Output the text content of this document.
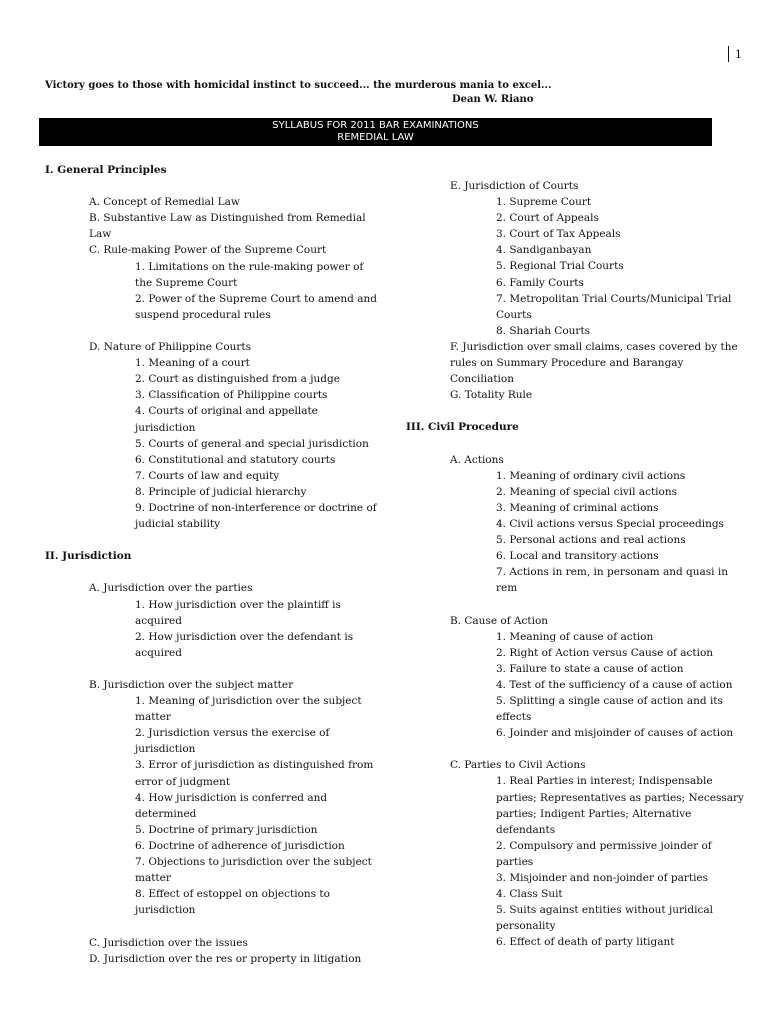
1
Victory goes to those with homicidal instinct to succeed... the murderous mania to excel...
Dean W. Riano
SYLLABUS FOR 2011 BAR EXAMINATIONS
REMEDIAL LAW
I. General Principles
A. Concept of Remedial Law
B. Substantive Law as Distinguished from Remedial
Law
C. Rule-making Power of the Supreme Court
1. Limitations on the rule-making power of
the Supreme Court
2. Power of the Supreme Court to amend and
suspend procedural rules
D. Nature of Philippine Courts
1. Meaning of a court
2. Court as distinguished from a judge
3. Classification of Philippine courts
4. Courts of original and appellate
jurisdiction
5. Courts of general and special jurisdiction
6. Constitutional and statutory courts
7. Courts of law and equity
8. Principle of judicial hierarchy
9. Doctrine of non-interference or doctrine of
judicial stability
II. Jurisdiction
A. Jurisdiction over the parties
1. How jurisdiction over the plaintiff is
acquired
2. How jurisdiction over the defendant is
acquired
B. Jurisdiction over the subject matter
1. Meaning of jurisdiction over the subject
matter
2. Jurisdiction versus the exercise of
jurisdiction
3. Error of jurisdiction as distinguished from
error of judgment
4. How jurisdiction is conferred and
determined
5. Doctrine of primary jurisdiction
6. Doctrine of adherence of jurisdiction
7. Objections to jurisdiction over the subject
matter
8. Effect of estoppel on objections to
jurisdiction
C. Jurisdiction over the issues
D. Jurisdiction over the res or property in litigation
E. Jurisdiction of Courts
1. Supreme Court
2. Court of Appeals
3. Court of Tax Appeals
4. Sandiganbayan
5. Regional Trial Courts
6. Family Courts
7. Metropolitan Trial Courts/Municipal Trial
Courts
8. Shariah Courts
F. Jurisdiction over small claims, cases covered by the
rules on Summary Procedure and Barangay
Conciliation
G. Totality Rule
III. Civil Procedure
A. Actions
1. Meaning of ordinary civil actions
2. Meaning of special civil actions
3. Meaning of criminal actions
4. Civil actions versus Special proceedings
5. Personal actions and real actions
6. Local and transitory actions
7. Actions in rem, in personam and quasi in
rem
B. Cause of Action
1. Meaning of cause of action
2. Right of Action versus Cause of action
3. Failure to state a cause of action
4. Test of the sufficiency of a cause of action
5. Splitting a single cause of action and its
effects
6. Joinder and misjoinder of causes of action
C. Parties to Civil Actions
1. Real Parties in interest; Indispensable
parties; Representatives as parties; Necessary
parties; Indigent Parties; Alternative
defendants
2. Compulsory and permissive joinder of
parties
3. Misjoinder and non-joinder of parties
4. Class Suit
5. Suits against entities without juridical
personality
6. Effect of death of party litigant
